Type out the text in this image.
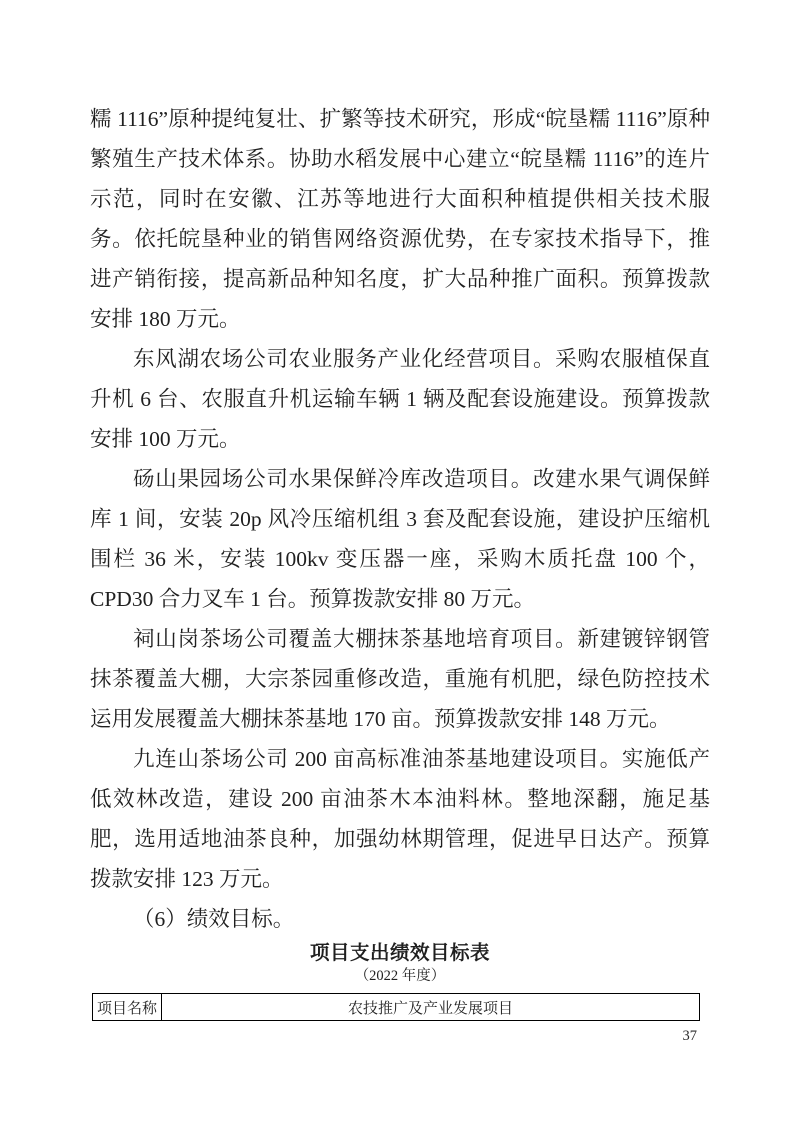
糯 1116”原种提纯复壮、扩繁等技术研究，形成“皖垦糯 1116”原种繁殖生产技术体系。协助水稻发展中心建立“皖垦糯 1116”的连片示范，同时在安徽、江苏等地进行大面积种植提供相关技术服务。依托皖垦种业的销售网络资源优势，在专家技术指导下，推进产销衔接，提高新品种知名度，扩大品种推广面积。预算拨款安排 180 万元。

东风湖农场公司农业服务产业化经营项目。采购农服植保直升机 6 台、农服直升机运输车辆 1 辆及配套设施建设。预算拨款安排 100 万元。

砀山果园场公司水果保鲜冷库改造项目。改建水果气调保鲜库 1 间，安装 20p 风冷压缩机组 3 套及配套设施，建设护压缩机围栏 36 米，安装 100kv 变压器一座，采购木质托盘 100 个，CPD30 合力叉车 1 台。预算拨款安排 80 万元。

祠山岗茶场公司覆盖大棚抹茶基地培育项目。新建镀锌钢管抹茶覆盖大棚，大宗茶园重修改造，重施有机肥，绿色防控技术运用发展覆盖大棚抹茶基地 170 亩。预算拨款安排 148 万元。

九连山茶场公司 200 亩高标准油茶基地建设项目。实施低产低效林改造，建设 200 亩油茶木本油料林。整地深翻，施足基肥，选用适地油茶良种，加强幼林期管理，促进早日达产。预算拨款安排 123 万元。

（6）绩效目标。

项目支出绩效目标表
（2022 年度）
项目名称	农技推广及产业发展项目
37
